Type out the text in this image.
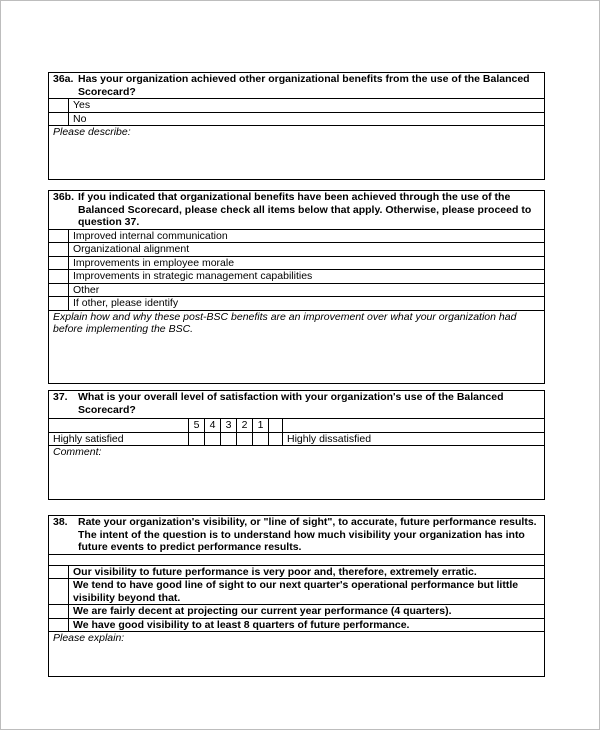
36a. Has your organization achieved other organizational benefits from the use of the Balanced Scorecard?	

	Yes
	No
Please describe:	
36b. If you indicated that organizational benefits have been achieved through the use of the Balanced Scorecard, please check all items below that apply. Otherwise, please proceed to question 37.	

	Improved internal communication
	Organizational alignment
	Improvements in employee morale
	Improvements in strategic management capabilities
	Other
	If other, please identify
Explain how and why these post-BSC benefits are an improvement over what your organization had before implementing the BSC.	
37. What is your overall level of satisfaction with your organization's use of the Balanced Scorecard?							

	5	4	3	2	1		
Highly satisfied							Highly dissatisfied
Comment:							
38. Rate your organization's visibility, or "line of sight", to accurate, future performance results. The intent of the question is to understand how much visibility your organization has into future events to predict performance results.	

	Our visibility to future performance is very poor and, therefore, extremely erratic.
	We tend to have good line of sight to our next quarter's operational performance but little visibility beyond that.
	We are fairly decent at projecting our current year performance (4 quarters).
	We have good visibility to at least 8 quarters of future performance.
Please explain:	
